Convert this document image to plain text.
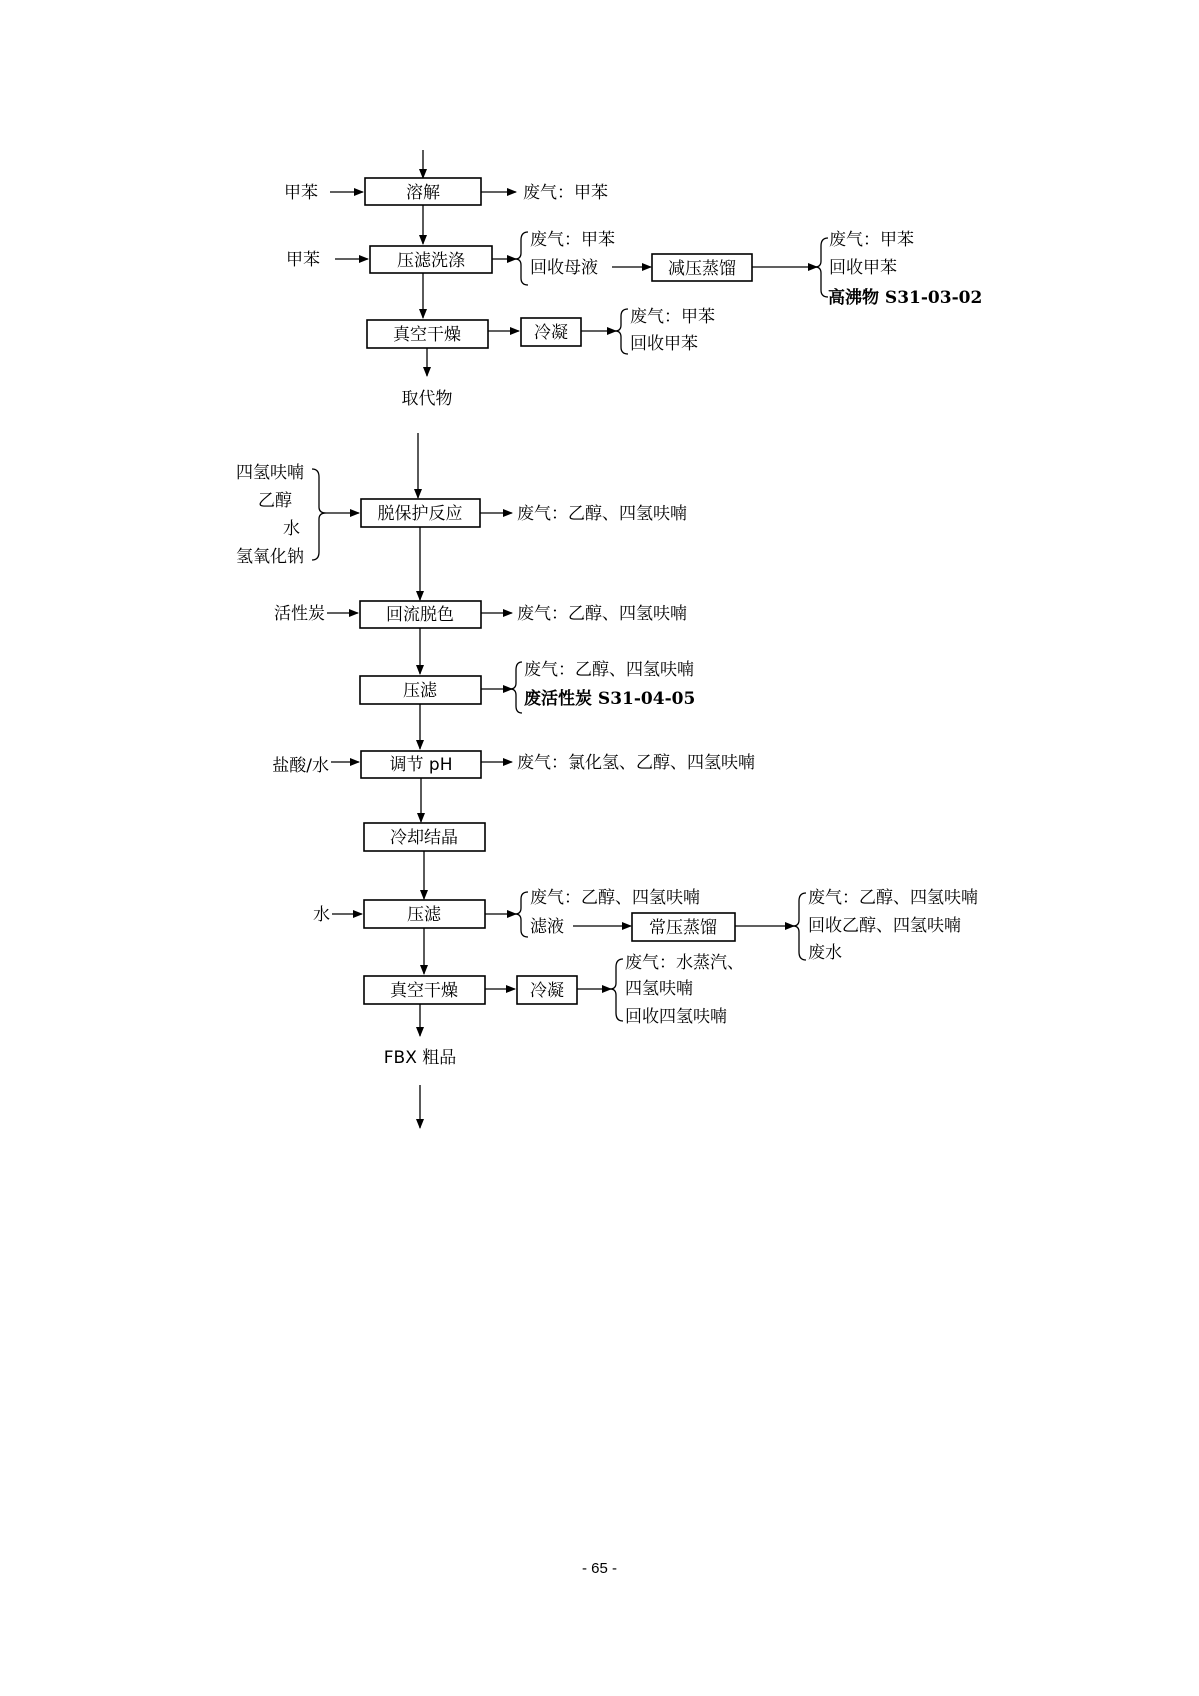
溶解
甲苯	废气：甲苯
压滤洗涤
甲苯
废气：甲苯
回收母液	减压蒸馏
废气：甲苯
回收甲苯
高沸物 S31-03-02
真空干燥	冷凝
废气：甲苯
回收甲苯
取代物
四氢呋喃
乙醇
水
氢氧化钠
脱保护反应	废气：乙醇、四氢呋喃
活性炭	回流脱色	废气：乙醇、四氢呋喃
压滤
废气：乙醇、四氢呋喃
废活性炭 S31-04-05
盐酸/水	调节 pH	废气：氯化氢、乙醇、四氢呋喃
冷却结晶
水	压滤
废气：乙醇、四氢呋喃
滤液	常压蒸馏
废气：乙醇、四氢呋喃
回收乙醇、四氢呋喃
废水
真空干燥	冷凝
废气：水蒸汽、
四氢呋喃
回收四氢呋喃
FBX 粗品
- 65 -
